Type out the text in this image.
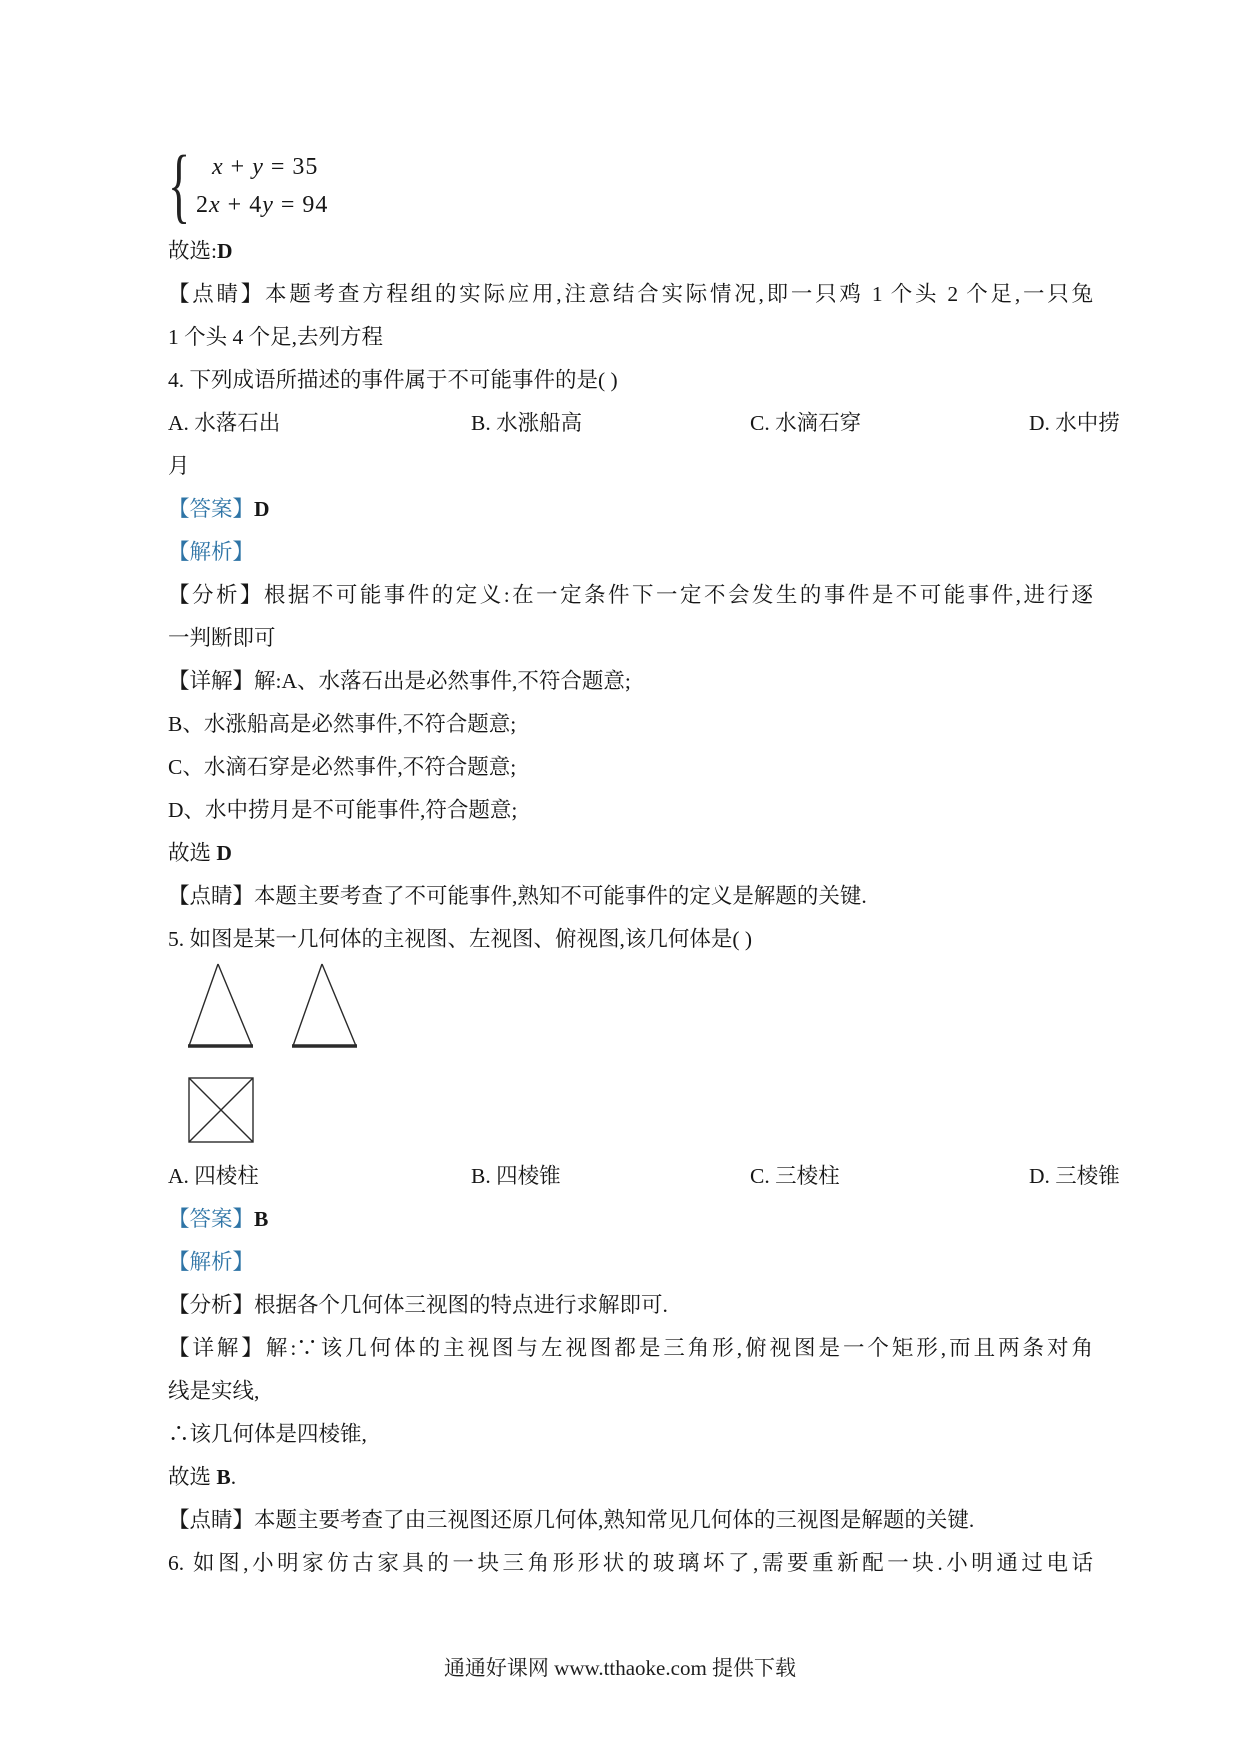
{ x + y = 35
2x + 4y = 94
故选:D
【点睛】本题考查方程组的实际应用,注意结合实际情况,即一只鸡 1 个头 2 个足,一只兔
1 个头 4 个足,去列方程
4. 下列成语所描述的事件属于不可能事件的是( )
A. 水落石出	B. 水涨船高	C. 水滴石穿	D. 水中捞
月
【答案】D
【解析】
【分析】根据不可能事件的定义:在一定条件下一定不会发生的事件是不可能事件,进行逐
一判断即可
【详解】解:A、水落石出是必然事件,不符合题意;
B、水涨船高是必然事件,不符合题意;
C、水滴石穿是必然事件,不符合题意;
D、水中捞月是不可能事件,符合题意;
故选 D
【点睛】本题主要考查了不可能事件,熟知不可能事件的定义是解题的关键.
5. 如图是某一几何体的主视图、左视图、俯视图,该几何体是( )
A. 四棱柱	B. 四棱锥	C. 三棱柱	D. 三棱锥
【答案】B
【解析】
【分析】根据各个几何体三视图的特点进行求解即可.
【详解】解:∵该几何体的主视图与左视图都是三角形,俯视图是一个矩形,而且两条对角
线是实线,
∴该几何体是四棱锥,
故选 B.
【点睛】本题主要考查了由三视图还原几何体,熟知常见几何体的三视图是解题的关键.
6. 如图,小明家仿古家具的一块三角形形状的玻璃坏了,需要重新配一块.小明通过电话
通通好课网 www.tthaoke.com 提供下载
